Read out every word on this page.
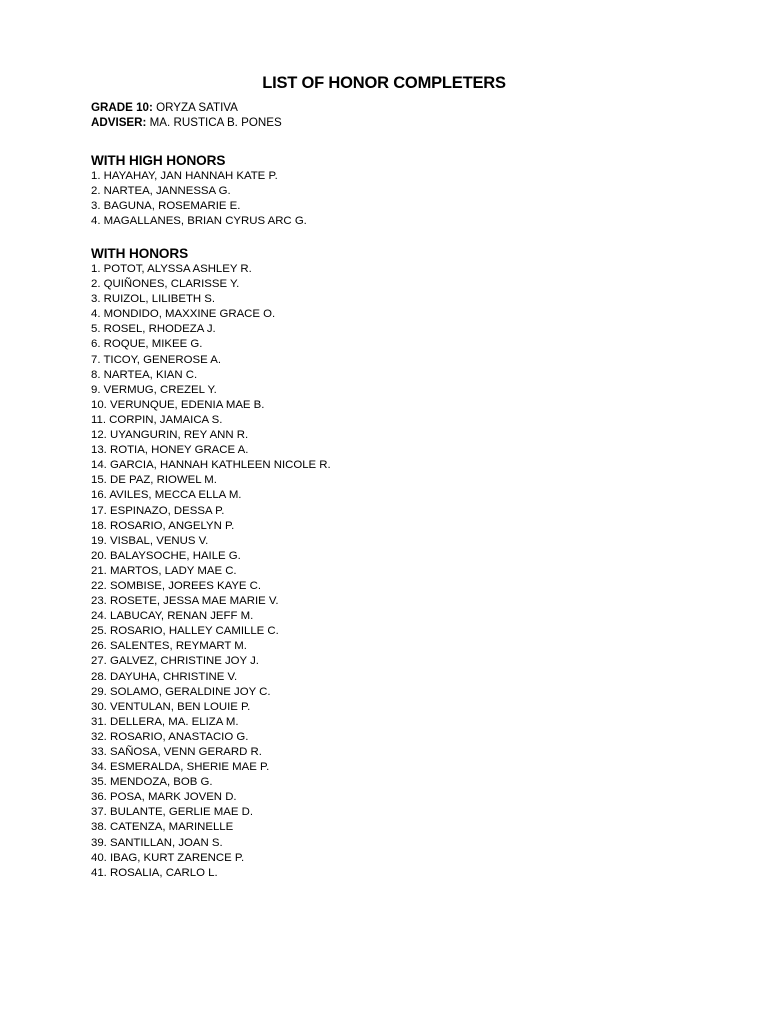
LIST OF HONOR COMPLETERS
GRADE 10: ORYZA SATIVA
ADVISER: MA. RUSTICA B. PONES
WITH HIGH HONORS
1. HAYAHAY, JAN HANNAH KATE P.
2. NARTEA, JANNESSA G.
3. BAGUNA, ROSEMARIE E.
4. MAGALLANES, BRIAN CYRUS ARC G.
WITH HONORS
1. POTOT, ALYSSA ASHLEY R.
2. QUIÑONES, CLARISSE Y.
3. RUIZOL, LILIBETH S.
4. MONDIDO, MAXXINE GRACE O.
5. ROSEL, RHODEZA J.
6. ROQUE, MIKEE G.
7. TICOY, GENEROSE A.
8. NARTEA, KIAN C.
9. VERMUG, CREZEL Y.
10. VERUNQUE, EDENIA MAE B.
11. CORPIN, JAMAICA S.
12. UYANGURIN, REY ANN R.
13. ROTIA, HONEY GRACE A.
14. GARCIA, HANNAH KATHLEEN NICOLE R.
15. DE PAZ, RIOWEL M.
16. AVILES, MECCA ELLA M.
17. ESPINAZO, DESSA P.
18. ROSARIO, ANGELYN P.
19. VISBAL, VENUS V.
20. BALAYSOCHE, HAILE G.
21. MARTOS, LADY MAE C.
22. SOMBISE, JOREES KAYE C.
23. ROSETE, JESSA MAE MARIE V.
24. LABUCAY, RENAN JEFF M.
25. ROSARIO, HALLEY CAMILLE C.
26. SALENTES, REYMART M.
27. GALVEZ, CHRISTINE JOY J.
28. DAYUHA, CHRISTINE V.
29. SOLAMO, GERALDINE JOY C.
30. VENTULAN, BEN LOUIE P.
31. DELLERA, MA. ELIZA M.
32. ROSARIO, ANASTACIO G.
33. SAÑOSA, VENN GERARD R.
34. ESMERALDA, SHERIE MAE P.
35. MENDOZA, BOB G.
36. POSA, MARK JOVEN D.
37. BULANTE, GERLIE MAE D.
38. CATENZA, MARINELLE
39. SANTILLAN, JOAN S.
40. IBAG, KURT ZARENCE P.
41. ROSALIA, CARLO L.
